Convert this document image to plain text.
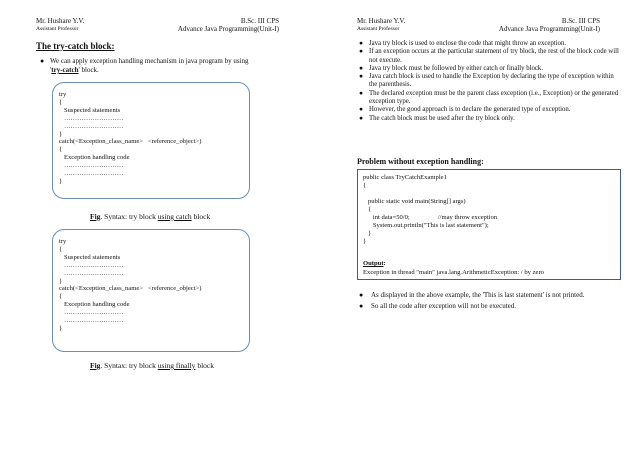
Mr. Hushare Y.V.
Assistant Professor
B.Sc. III CPS
Advance Java Programming(Unit-I)
The try-catch block:
● We can apply exception handling mechanism in java program by using
'try-catch' block.
try
{
Suspected statements
………………………
………………………
}
catch(<Exception_class_name>   <reference_object>)
{
Exception handling code
………………………
………………………
}
Fig. Syntax: try block using catch block
try
{
Suspected statements
………………………
………………………
}
catch(<Exception_class_name>   <reference_object>)
{
Exception handling code
………………………
………………………
}
Fig. Syntax: try block using finally block
Mr. Hushare Y.V.
Assistant Professor
B.Sc. III CPS
Advance Java Programming(Unit-I)
● Java try block is used to enclose the code that might throw an exception.
● If an exception occurs at the particular statement of try block, the rest of the block code will not execute.
● Java try block must be followed by either catch or finally block.
● Java catch block is used to handle the Exception by declaring the type of exception within the parenthesis.
● The declared exception must be the parent class exception (i.e., Exception) or the generated exception type.
● However, the good approach is to declare the generated type of exception.
● The catch block must be used after the try block only.
Problem without exception handling:
public class TryCatchExample1
{

public static void main(String[] args)
{
int data=50/0;                 //may throw exception
System.out.println("This is last statement");
}
}
Output:
Exception in thread "main" java.lang.ArithmeticException: / by zero
● As displayed in the above example, the 'This is last statement' is not printed.
● So all the code after exception will not be executed.
